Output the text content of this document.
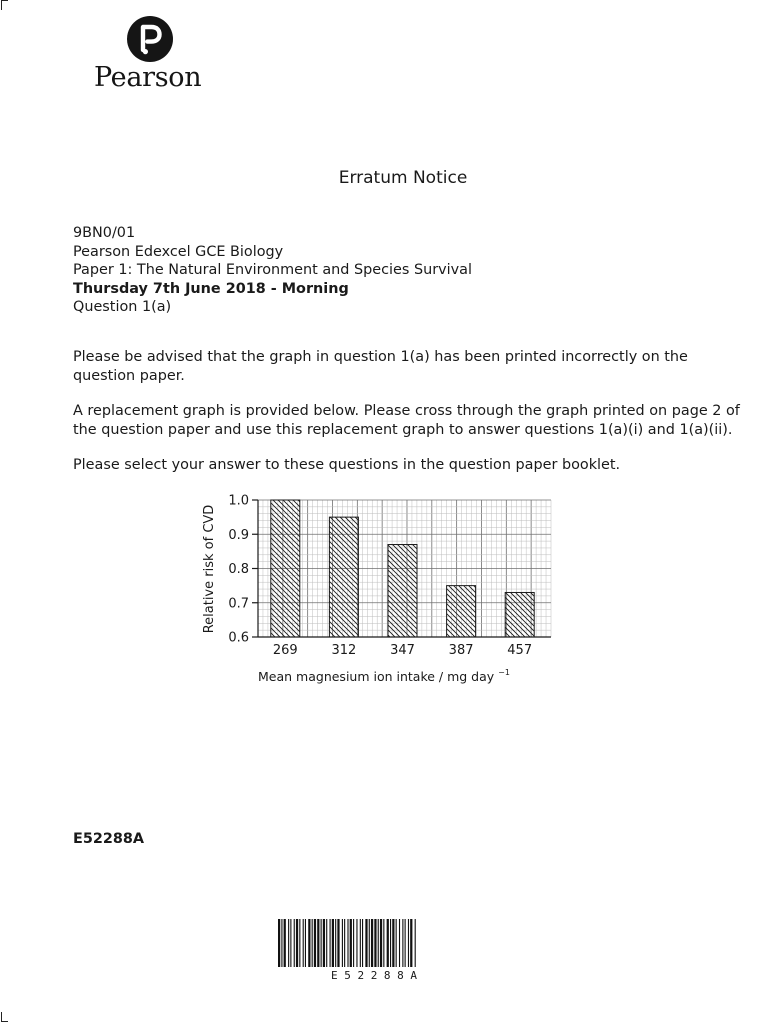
Pearson
Erratum Notice
9BN0/01
Pearson Edexcel GCE Biology
Paper 1: The Natural Environment and Species Survival
Thursday 7th June 2018 - Morning
Question 1(a)
Please be advised that the graph in question 1(a) has been printed incorrectly on the question paper.
A replacement graph is provided below. Please cross through the graph printed on page 2 of the question paper and use this replacement graph to answer questions 1(a)(i) and 1(a)(ii).
Please select your answer to these questions in the question paper booklet.
269	312	347	387	457
0.6
0.7
0.8
0.9
1.0
Relative risk of CVD
Mean magnesium ion intake / mg day $^{-1}$
E52288A
E 5 2 2 8 8 A
